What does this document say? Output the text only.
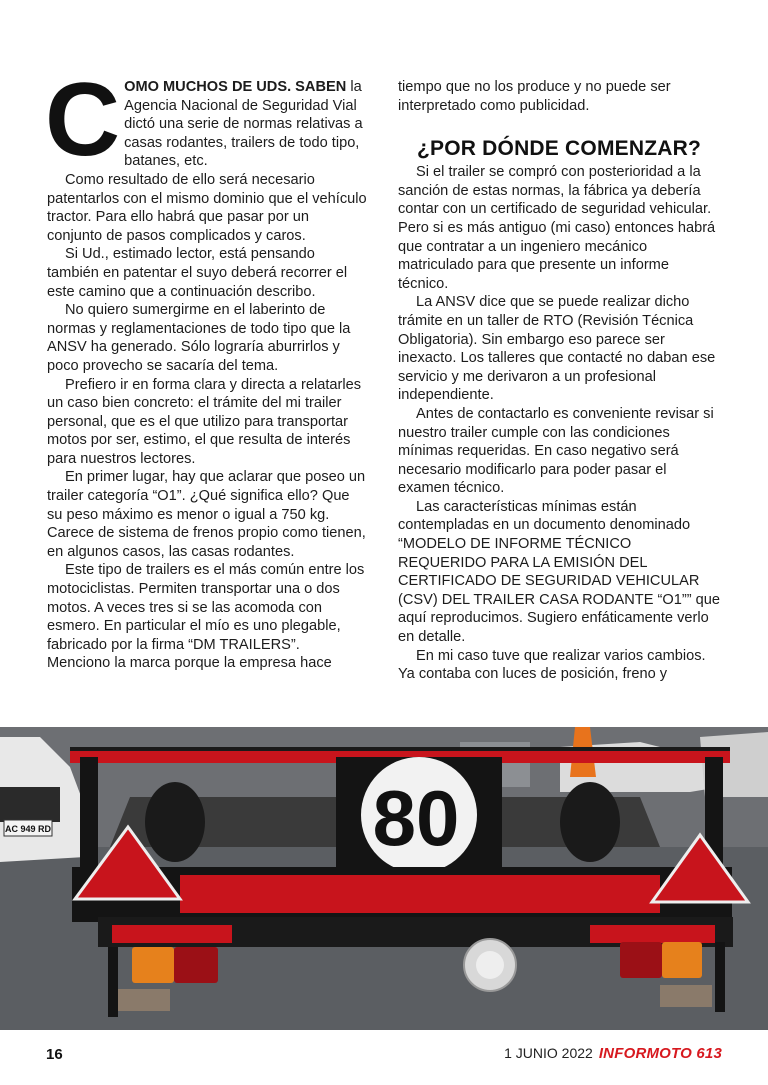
COMO MUCHOS DE UDS. SABEN la Agencia Nacional de Seguridad Vial dictó una serie de normas relativas a casas rodantes, trailers de todo tipo, batanes, etc.

Como resultado de ello será necesario patentarlos con el mismo dominio que el vehículo tractor. Para ello habrá que pasar por un conjunto de pasos complicados y caros.

Si Ud., estimado lector, está pensando también en patentar el suyo deberá recorrer el este camino que a continuación describo.

No quiero sumergirme en el laberinto de normas y reglamentaciones de todo tipo que la ANSV ha generado. Sólo lograría aburrirlos y poco provecho se sacaría del tema.

Prefiero ir en forma clara y directa a relatarles un caso bien concreto: el trámite del mi trailer personal, que es el que utilizo para transportar motos por ser, estimo, el que resulta de interés para nuestros lectores.

En primer lugar, hay que aclarar que poseo un trailer categoría “O1”. ¿Qué significa ello? Que su peso máximo es menor o igual a 750 kg. Carece de sistema de frenos propio como tienen, en algunos casos, las casas rodantes.

Este tipo de trailers es el más común entre los motociclistas. Permiten transportar una o dos motos. A veces tres si se las acomoda con esmero. En particular el mío es uno plegable, fabricado por la firma “DM TRAILERS”. Menciono la marca porque la empresa hace

tiempo que no los produce y no puede ser interpretado como publicidad.

¿POR DÓNDE COMENZAR?

Si el trailer se compró con posterioridad a la sanción de estas normas, la fábrica ya debería contar con un certificado de seguridad vehicular. Pero si es más antiguo (mi caso) entonces habrá que contratar a un ingeniero mecánico matriculado para que presente un informe técnico.

La ANSV dice que se puede realizar dicho trámite en un taller de RTO (Revisión Técnica Obligatoria). Sin embargo eso parece ser inexacto. Los talleres que contacté no daban ese servicio y me derivaron a un profesional independiente.

Antes de contactarlo es conveniente revisar si nuestro trailer cumple con las condiciones mínimas requeridas. En caso negativo será necesario modificarlo para poder pasar el examen técnico.

Las características mínimas están contempladas en un documento denominado “MODELO DE INFORME TÉCNICO REQUERIDO PARA LA EMISIÓN DEL CERTIFICADO DE SEGURIDAD VEHICULAR (CSV) DEL TRAILER CASA RODANTE “O1”” que aquí reproducimos. Sugiero enfáticamente verlo en detalle.

En mi caso tuve que realizar varios cambios. Ya contaba con luces de posición, freno y

AC 949 RD	80
16	1 JUNIO 2022 INFORMOTO 613
